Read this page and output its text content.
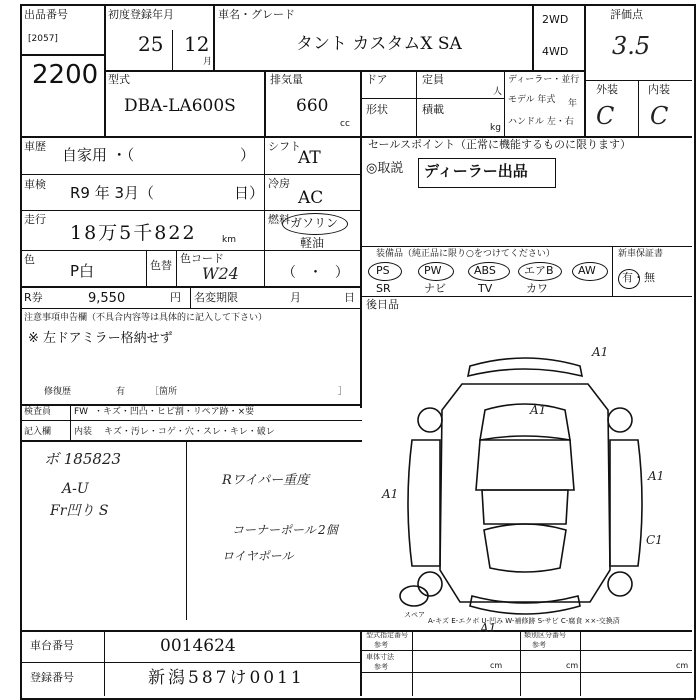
出品番号
[2057]
2200
初度登録年月
25 12
月
車名・グレード
タント カスタムX SA
2WD
4WD
評価点
3.5
外装	内装
C C
型式
DBA-LA600S
排気量
660
cc
ドア	定員
人
形状	積載
kg
ディーラー・並行
モデル 年式 年
ハンドル 左・右
車歴 自家用 ・（	） シフト
AT
車検 R9 年 3月（	日）
冷房
AC
走行
18万5千822	km
燃料 ガソリン
軽油
色
P白	色替
色コード
W24	（ ・ ）
R券	9,550	円 名変期限	月	日
注意事項申告欄（不具合内容等は具体的に記入して下さい）
※ 左ドアミラー格納せず
修復歴	有	［箇所	］
検査員
記入欄
FW ・キズ・凹凸・ヒビ割・リペア跡・×要
内装 キズ・汚レ・コゲ・穴・スレ・キレ・破レ
ボ 185823
A-U
Fr凹り S
Rワイパー重度
コーナーポール
ロイヤポール
2個
セールスポイント（正常に機能するものに限ります）
◎取説 ディーラー出品
装備品（純正品に限り○をつけてください）
PS	PW	ABS	エアB AW
SR	ナビ	TV	カワ
新車保証書
有・無
後日品
A1
A1
A1
A1
C1
A1
スペア
A-キズ E-エクボ U-凹み W-補修跡 S-サビ C-腐食 ××-交換済
車台番号	0014624
登録番号	新潟587け0011
型式指定番号
参考
類別区分番号
参考
車体寸法
参考	cm	cm	cm
